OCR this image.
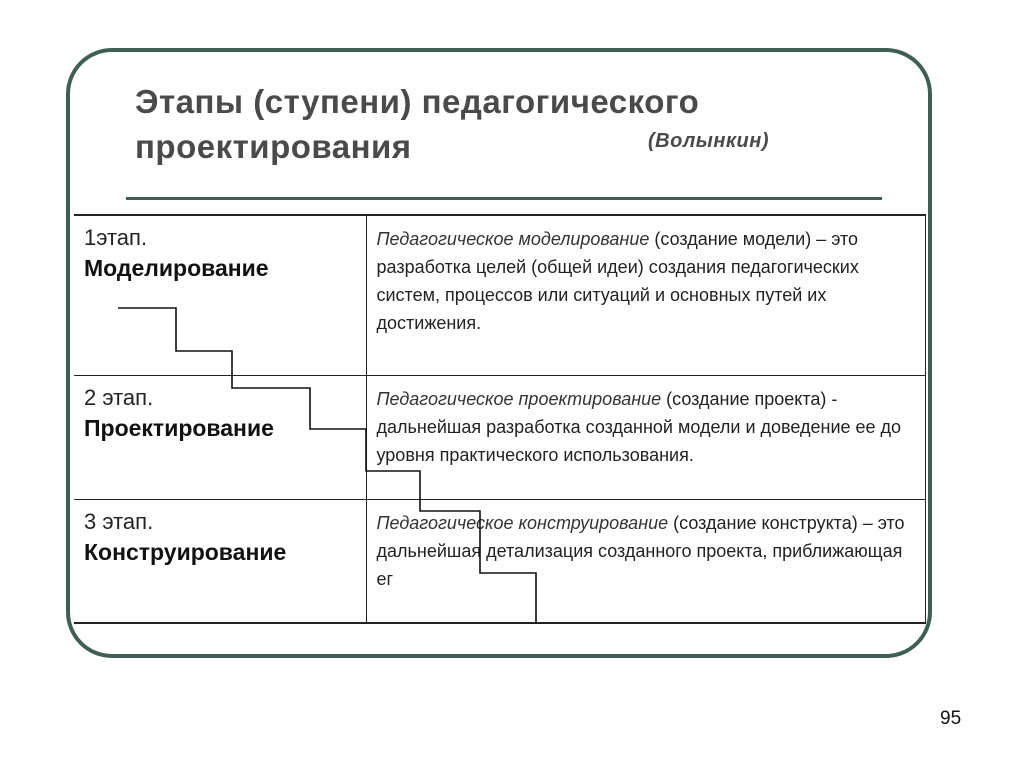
Этапы (ступени) педагогического
проектирования	(Волынкин)
1этап.
Моделирование	Педагогическое моделирование (создание модели) – это разработка целей (общей идеи) создания педагогических систем, процессов или ситуаций и основных путей их достижения.

2 этап.
Проектирование	Педагогическое проектирование (создание проекта) - дальнейшая разработка созданной модели и доведение ее до уровня практического использования.

3 этап.
Конструирование	Педагогическое конструирование (создание конструкта) – это дальнейшая детализация созданного проекта, приближающая ег
95
